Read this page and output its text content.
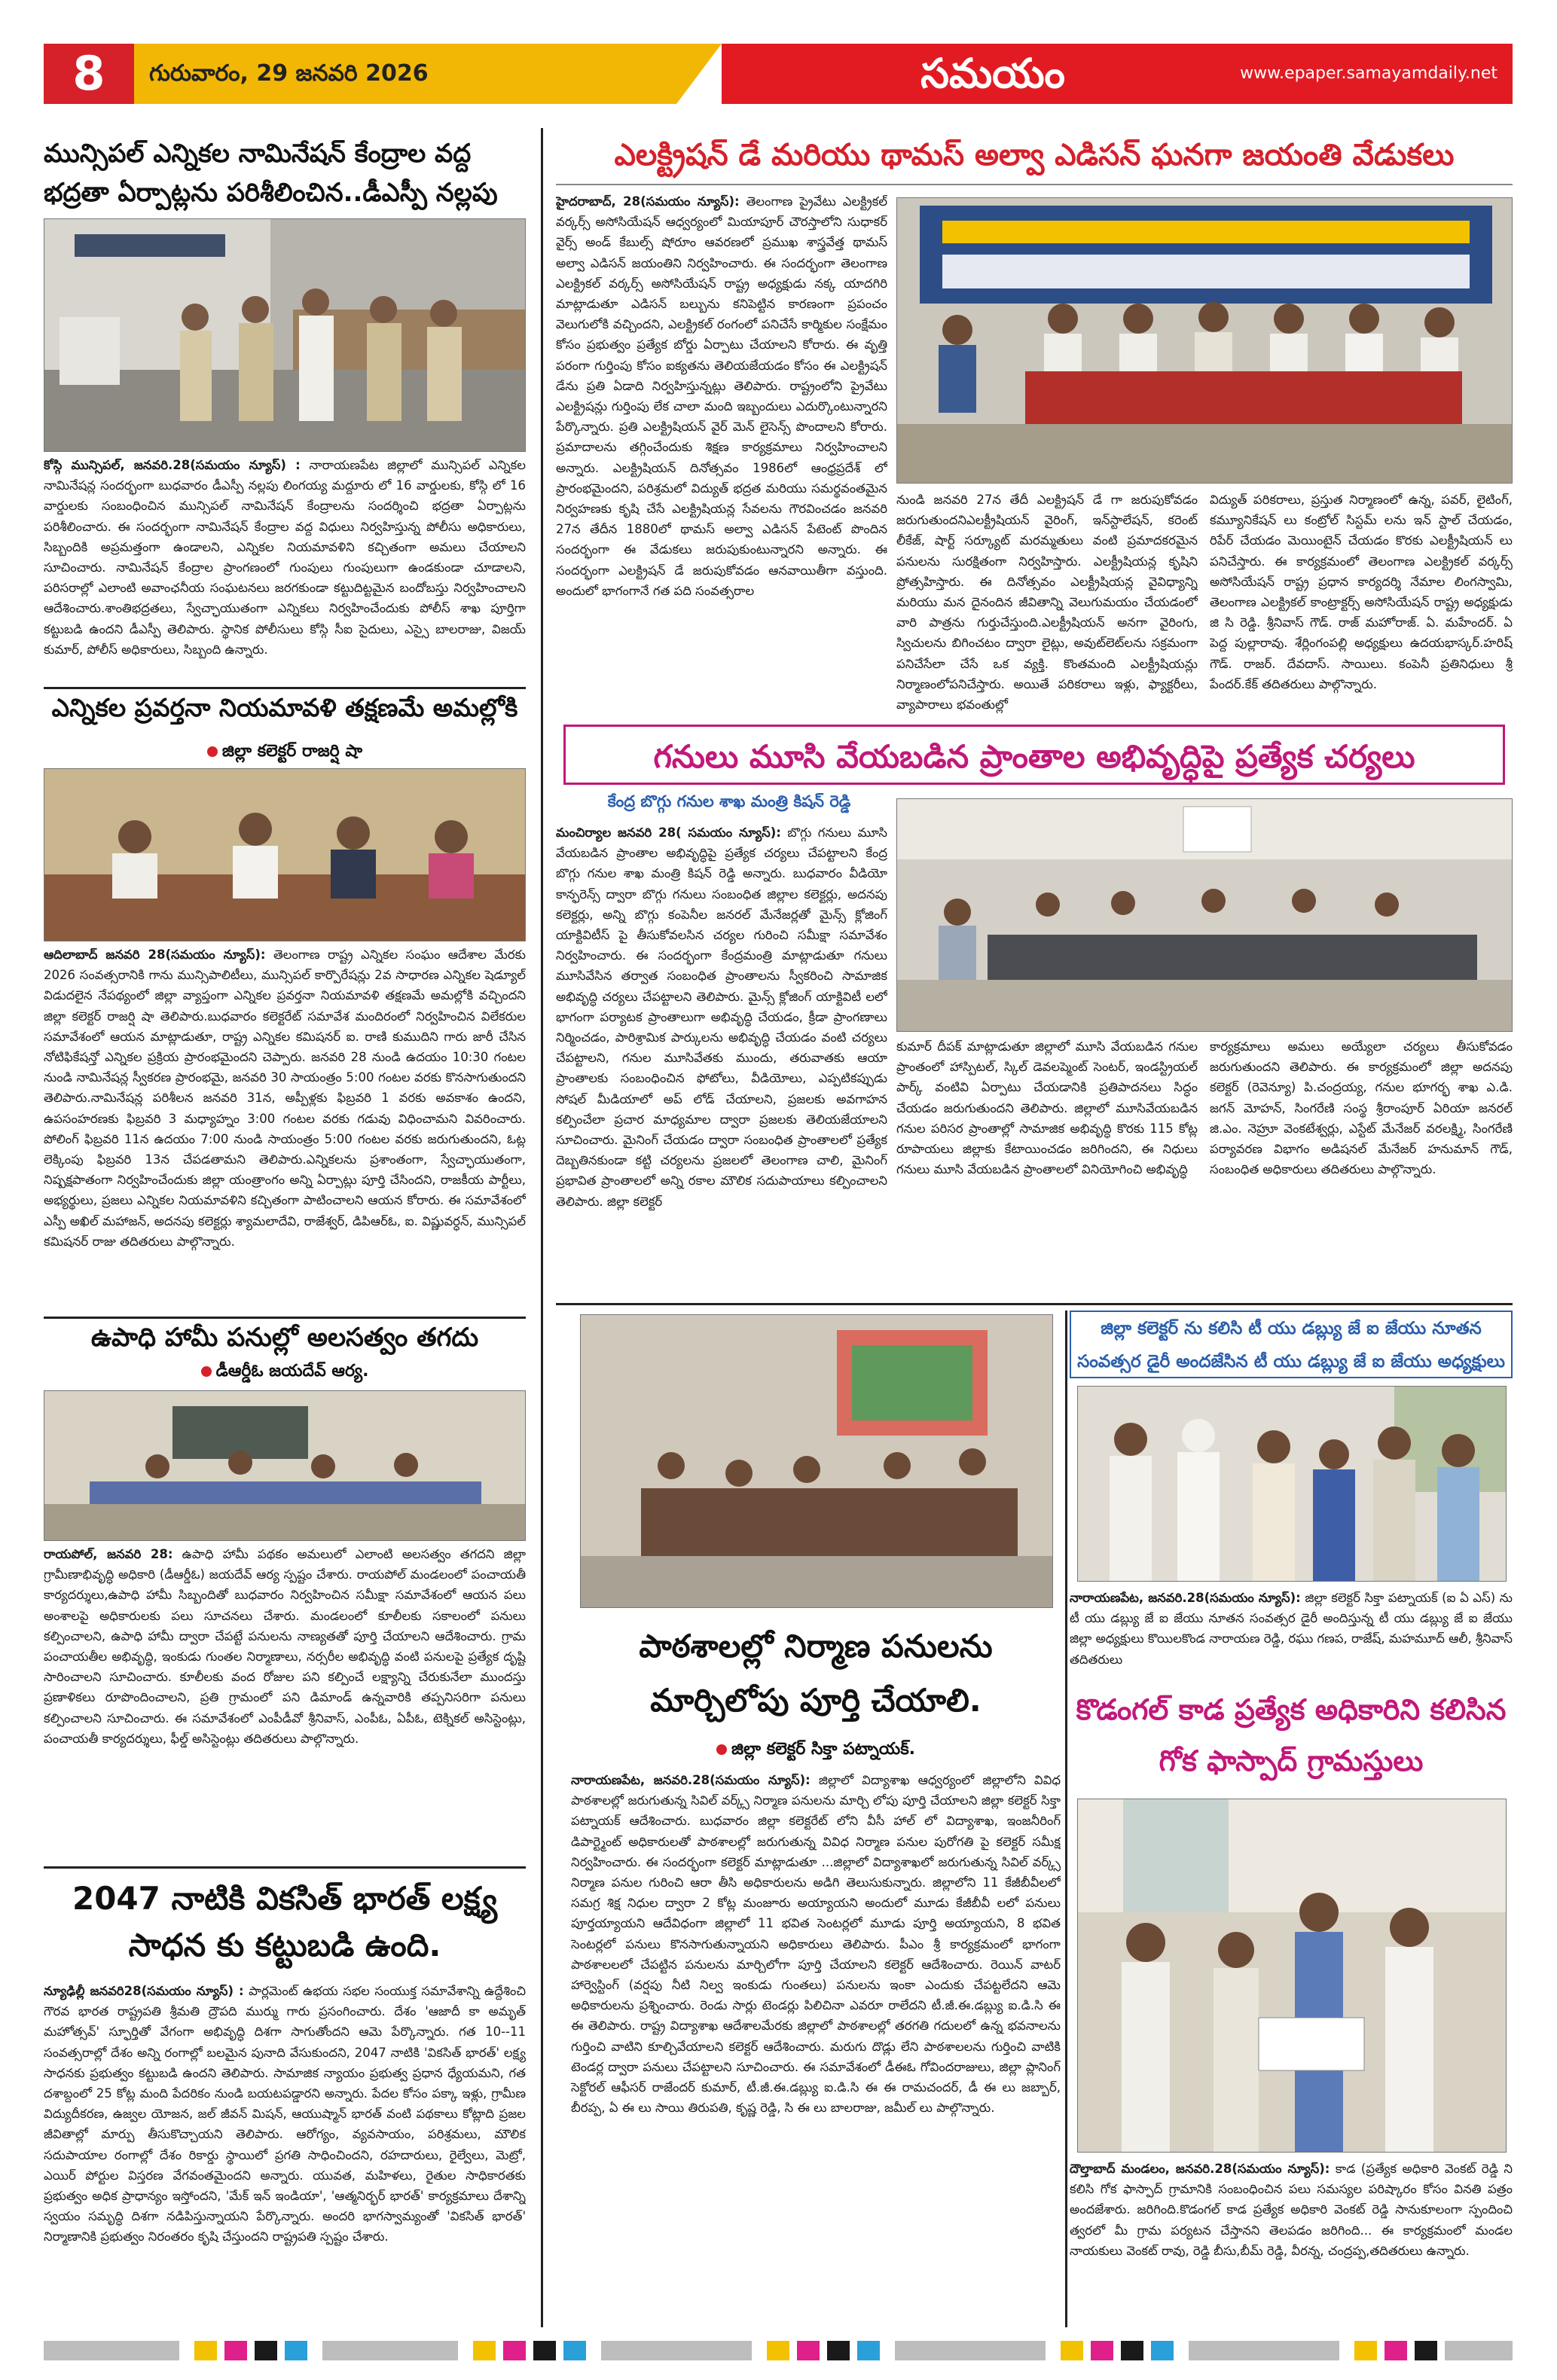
8	గురువారం, 29 జనవరి 2026	సమయం	www.epaper.samayamdaily.net
మున్సిపల్ ఎన్నికల నామినేషన్ కేంద్రాల వద్ద భద్రతా ఏర్పాట్లను పరిశీలించిన..డీఎస్పీ నల్లపు
కోస్గి మున్సిపల్, జనవరి.28(సమయం న్యూస్) : నారాయణపేట జిల్లాలో మున్సిపల్ ఎన్నికల నామినేషన్ల సందర్భంగా బుధవారం డీఎస్పీ నల్లపు లింగయ్య మద్దూరు లో 16 వార్డులకు, కోస్గి లో 16 వార్డులకు సంబంధించిన మున్సిపల్ నామినేషన్ కేంద్రాలను సందర్శించి భద్రతా ఏర్పాట్లను పరిశీలించారు. ఈ సందర్భంగా నామినేషన్ కేంద్రాల వద్ద విధులు నిర్వహిస్తున్న పోలీసు అధికారులు, సిబ్బందికి అప్రమత్తంగా ఉండాలని, ఎన్నికల నియమావళిని కచ్చితంగా అమలు చేయాలని సూచించారు. నామినేషన్ కేంద్రాల ప్రాంగణంలో గుంపులు గుంపులుగా ఉండకుండా చూడాలని, పరిసరాల్లో ఎలాంటి అవాంఛనీయ సంఘటనలు జరగకుండా కట్టుదిట్టమైన బందోబస్తు నిర్వహించాలని ఆదేశించారు.శాంతిభద్రతలు, స్వేచ్ఛాయుతంగా ఎన్నికలు నిర్వహించేందుకు పోలీస్ శాఖ పూర్తిగా కట్టుబడి ఉందని డీఎస్పీ తెలిపారు. స్థానిక పోలీసులు కోస్గి సీఐ సైదులు, ఎస్సై బాలరాజు, విజయ్ కుమార్, పోలీస్ అధికారులు, సిబ్బంది ఉన్నారు.
ఎన్నికల ప్రవర్తనా నియమావళి తక్షణమే అమల్లోకి
జిల్లా కలెక్టర్ రాజర్షి షా
ఆదిలాబాద్ జనవరి 28(సమయం న్యూస్): తెలంగాణ రాష్ట్ర ఎన్నికల సంఘం ఆదేశాల మేరకు 2026 సంవత్సరానికి గాను మున్సిపాలిటీలు, మున్సిపల్ కార్పొరేషన్లు 2వ సాధారణ ఎన్నికల షెడ్యూల్ విడుదలైన నేపథ్యంలో జిల్లా వ్యాప్తంగా ఎన్నికల ప్రవర్తనా నియమావళి తక్షణమే అమల్లోకి వచ్చిందని జిల్లా కలెక్టర్ రాజర్షి షా తెలిపారు.బుధవారం కలెక్టరేట్ సమావేశ మందిరంలో నిర్వహించిన విలేకరుల సమావేశంలో ఆయన మాట్లాడుతూ, రాష్ట్ర ఎన్నికల కమిషనర్ ఐ. రాణి కుముదిని గారు జారీ చేసిన నోటిఫికేషన్తో ఎన్నికల ప్రక్రియ ప్రారంభమైందని చెప్పారు. జనవరి 28 నుండి ఉదయం 10:30 గంటల నుండి నామినేషన్ల స్వీకరణ ప్రారంభమై, జనవరి 30 సాయంత్రం 5:00 గంటల వరకు కొనసాగుతుందని తెలిపారు.నామినేషన్ల పరిశీలన జనవరి 31న, అప్పీళ్లకు ఫిబ్రవరి 1 వరకు అవకాశం ఉందని, ఉపసంహరణకు ఫిబ్రవరి 3 మధ్యాహ్నం 3:00 గంటల వరకు గడువు విధించామని వివరించారు. పోలింగ్ ఫిబ్రవరి 11న ఉదయం 7:00 నుండి సాయంత్రం 5:00 గంటల వరకు జరుగుతుందని, ఓట్ల లెక్కింపు ఫిబ్రవరి 13న చేపడతామని తెలిపారు.ఎన్నికలను ప్రశాంతంగా, స్వేచ్ఛాయుతంగా, నిష్పక్షపాతంగా నిర్వహించేందుకు జిల్లా యంత్రాంగం అన్ని ఏర్పాట్లు పూర్తి చేసిందని, రాజకీయ పార్టీలు, అభ్యర్థులు, ప్రజలు ఎన్నికల నియమావళిని కచ్చితంగా పాటించాలని ఆయన కోరారు. ఈ సమావేశంలో ఎస్పీ అఖిల్ మహాజన్, అదనపు కలెక్టర్లు శ్యామలాదేవి, రాజేశ్వర్, డిపిఆర్ఓ, ఐ. విష్ణువర్ధన్, మున్సిపల్ కమిషనర్ రాజు తదితరులు పాల్గొన్నారు.
ఉపాధి హామీ పనుల్లో అలసత్వం తగదు
డీఆర్డీఓ జయదేవ్ ఆర్య.
రాయపోల్, జనవరి 28: ఉపాధి హామీ పథకం అమలులో ఎలాంటి అలసత్వం తగదని జిల్లా గ్రామీణాభివృద్ధి అధికారి (డీఆర్డీఓ) జయదేవ్ ఆర్య స్పష్టం చేశారు. రాయపోల్ మండలంలో పంచాయతీ కార్యదర్శులు,ఉపాధి హామీ సిబ్బందితో బుధవారం నిర్వహించిన సమీక్షా సమావేశంలో ఆయన పలు అంశాలపై అధికారులకు పలు సూచనలు చేశారు. మండలంలో కూలీలకు సకాలంలో పనులు కల్పించాలని, ఉపాధి హామీ ద్వారా చేపట్టే పనులను నాణ్యతతో పూర్తి చేయాలని ఆదేశించారు. గ్రామ పంచాయతీల అభివృద్ధి, ఇంకుడు గుంతల నిర్మాణాలు, నర్సరీల అభివృద్ధి వంటి పనులపై ప్రత్యేక దృష్టి సారించాలని సూచించారు. కూలీలకు వంద రోజుల పని కల్పించే లక్ష్యాన్ని చేరుకునేలా ముందస్తు ప్రణాళికలు రూపొందించాలని, ప్రతి గ్రామంలో పని డిమాండ్ ఉన్నవారికి తప్పనిసరిగా పనులు కల్పించాలని సూచించారు. ఈ సమావేశంలో ఎంపీడీవో శ్రీనివాస్, ఎంపీఓ, ఏపీఓ, టెక్నికల్ అసిస్టెంట్లు, పంచాయతీ కార్యదర్శులు, ఫీల్డ్ అసిస్టెంట్లు తదితరులు పాల్గొన్నారు.
2047 నాటికి వికసిత్ భారత్ లక్ష్య సాధన కు కట్టుబడి ఉంది.
న్యూఢిల్లీ జనవరి28(సమయం న్యూస్) : పార్లమెంట్ ఉభయ సభల సంయుక్త సమావేశాన్ని ఉద్దేశించి గౌరవ భారత రాష్ట్రపతి శ్రీమతి ద్రౌపది ముర్ము గారు ప్రసంగించారు. దేశం 'ఆజాదీ కా అమృత్ మహోత్సవ్' స్ఫూర్తితో వేగంగా అభివృద్ధి దిశగా సాగుతోందని ఆమె పేర్కొన్నారు. గత 10--11 సంవత్సరాల్లో దేశం అన్ని రంగాల్లో బలమైన పునాది వేసుకుందని, 2047 నాటికి 'వికసిత్ భారత్' లక్ష్య సాధనకు ప్రభుత్వం కట్టుబడి ఉందని తెలిపారు. సామాజిక న్యాయం ప్రభుత్వ ప్రధాన ధ్యేయమని, గత దశాబ్దంలో 25 కోట్ల మంది పేదరికం నుండి బయటపడ్డారని అన్నారు. పేదల కోసం పక్కా ఇళ్లు, గ్రామీణ విద్యుదీకరణ, ఉజ్వల యోజన, జల్ జీవన్ మిషన్, ఆయుష్మాన్ భారత్ వంటి పథకాలు కోట్లాది ప్రజల జీవితాల్లో మార్పు తీసుకొచ్చాయని తెలిపారు. ఆరోగ్యం, వ్యవసాయం, పరిశ్రమలు, మౌలిక సదుపాయాల రంగాల్లో దేశం రికార్డు స్థాయిలో ప్రగతి సాధించిందని, రహదారులు, రైల్వేలు, మెట్రో, ఎయిర్ పోర్టుల విస్తరణ వేగవంతమైందని అన్నారు. యువత, మహిళలు, రైతుల సాధికారతకు ప్రభుత్వం అధిక ప్రాధాన్యం ఇస్తోందని, 'మేక్ ఇన్ ఇండియా', 'ఆత్మనిర్భర్ భారత్' కార్యక్రమాలు దేశాన్ని స్వయం సమృద్ధి దిశగా నడిపిస్తున్నాయని పేర్కొన్నారు. అందరి భాగస్వామ్యంతో 'వికసిత్ భారత్' నిర్మాణానికి ప్రభుత్వం నిరంతరం కృషి చేస్తుందని రాష్ట్రపతి స్పష్టం చేశారు.
ఎలక్ట్రిషన్ డే మరియు థామస్ అల్వా ఎడిసన్ ఘనగా జయంతి వేడుకలు
హైదరాబాద్, 28(సమయం న్యూస్): తెలంగాణ ప్రైవేటు ఎలక్ట్రికల్ వర్కర్స్ అసోసియేషన్ ఆధ్వర్యంలో మియాపూర్ చౌరస్తాలోని సుధాకర్ వైర్స్ అండ్ కేబుల్స్ షోరూం ఆవరణలో ప్రముఖ శాస్త్రవేత్త థామస్ అల్వా ఎడిసన్ జయంతిని నిర్వహించారు. ఈ సందర్భంగా తెలంగాణ ఎలక్ట్రికల్ వర్కర్స్ అసోసియేషన్ రాష్ట్ర అధ్యక్షుడు నక్క యాదగిరి మాట్లాడుతూ ఎడిసన్ బల్బును కనిపెట్టిన కారణంగా ప్రపంచం వెలుగులోకి వచ్చిందని, ఎలక్ట్రికల్ రంగంలో పనిచేసే కార్మికుల సంక్షేమం కోసం ప్రభుత్వం ప్రత్యేక బోర్డు ఏర్పాటు చేయాలని కోరారు. ఈ వృత్తి పరంగా గుర్తింపు కోసం ఐక్యతను తెలియజేయడం కోసం ఈ ఎలక్ట్రిషన్ డేను ప్రతి ఏడాది నిర్వహిస్తున్నట్లు తెలిపారు. రాష్ట్రంలోని ప్రైవేటు ఎలక్ట్రిషన్లు గుర్తింపు లేక చాలా మంది ఇబ్బందులు ఎదుర్కొంటున్నారని పేర్కొన్నారు. ప్రతి ఎలక్ట్రిషియన్ వైర్ మెన్ లైసెన్స్ పొందాలని కోరారు. ప్రమాదాలను తగ్గించేందుకు శిక్షణ కార్యక్రమాలు నిర్వహించాలని అన్నారు. ఎలక్ట్రిషియన్ దినోత్సవం 1986లో ఆంధ్రప్రదేశ్ లో ప్రారంభమైందని, పరిశ్రమలో విద్యుత్ భద్రత మరియు సమర్థవంతమైన నిర్వహణకు కృషి చేసే ఎలక్ట్రిషియన్ల సేవలను గౌరవించడం జనవరి 27న తేదీన 1880లో థామస్ అల్వా ఎడిసన్ పేటెంట్ పొందిన సందర్భంగా ఈ వేడుకలు జరుపుకుంటున్నారని అన్నారు. ఈ సందర్భంగా ఎలక్ట్రిషన్ డే జరుపుకోవడం ఆనవాయితీగా వస్తుంది. అందులో భాగంగానే గత పది సంవత్సరాల
నుండి జనవరి 27న తేదీ ఎలక్ట్రిషన్ డే గా జరుపుకోవడం జరుగుతుందనిఎలక్ట్రీషియన్ వైరింగ్, ఇన్‌స్టాలేషన్, కరెంట్ లీకేజ్, షార్ట్ సర్క్యూట్ మరమ్మతులు వంటి ప్రమాదకరమైన పనులను సురక్షితంగా నిర్వహిస్తారు. ఎలక్ట్రీషియన్ల కృషిని ప్రోత్సహిస్తారు. ఈ దినోత్సవం ఎలక్ట్రీషియన్ల వైవిధ్యాన్ని మరియు మన దైనందిన జీవితాన్ని వెలుగుమయం చేయడంలో వారి పాత్రను గుర్తుచేస్తుంది.ఎలక్ట్రీషియన్ అనగా వైరింగు, స్విచులను బిగించటం ద్వారా లైట్లు, అవుట్‌లెట్‌లను సక్రమంగా పనిచేసేలా చేసే ఒక వ్యక్తి. కొంతమంది ఎలక్ట్రీషియన్లు నిర్మాణంలోపనిచేస్తారు. అయితే పరికరాలు ఇళ్లు, ఫ్యాక్టరీలు, వ్యాపారాలు భవంతుల్లో
విద్యుత్ పరికరాలు, ప్రస్తుత నిర్మాణంలో ఉన్న, పవర్, లైటింగ్, కమ్యూనికేషన్ లు కంట్రోల్ సిస్టమ్ లను ఇన్ స్టాల్ చేయడం, రిపేర్ చేయడం మెయింటైన్ చేయడం కొరకు ఎలక్ట్రీషియన్ లు పనిచేస్తారు. ఈ కార్యక్రమంలో తెలంగాణ ఎలక్ట్రికల్ వర్కర్స్ అసోసియేషన్ రాష్ట్ర ప్రధాన కార్యదర్శి నేమాల లింగస్వామి, తెలంగాణ ఎలక్ట్రికల్ కాంట్రాక్టర్స్ అసోసియేషన్ రాష్ట్ర అధ్యక్షుడు జి సి రెడ్డి. శ్రీనివాస్ గౌడ్. రాజ్ మహోరాజ్. ఏ. మహేందర్. ఏ పెద్ద పుల్లారావు. శేర్లింగంపల్లి అధ్యక్షులు ఉదయభాస్కర్.హరిష్ గౌడ్. రాజర్. దేవదాస్. సాయిలు. కంపెనీ ప్రతినిధులు శ్రీ పేందర్.కేక్ తదితరులు పాల్గొన్నారు.
గనులు మూసి వేయబడిన ప్రాంతాల అభివృద్ధిపై ప్రత్యేక చర్యలు
కేంద్ర బొగ్గు గనుల శాఖ మంత్రి కిషన్ రెడ్డి
మంచిర్యాల జనవరి 28( సమయం న్యూస్): బొగ్గు గనులు మూసి వేయబడిన ప్రాంతాల అభివృద్ధిపై ప్రత్యేక చర్యలు చేపట్టాలని కేంద్ర బొగ్గు గనుల శాఖ మంత్రి కిషన్ రెడ్డి అన్నారు. బుధవారం వీడియో కాన్ఫరెన్స్ ద్వారా బొగ్గు గనులు సంబంధిత జిల్లాల కలెక్టర్లు, అదనపు కలెక్టర్లు, అన్ని బొగ్గు కంపెనీల జనరల్ మేనేజర్లతో మైన్స్ క్లోజింగ్ యాక్టివిటీస్ పై తీసుకోవలసిన చర్యల గురించి సమీక్షా సమావేశం నిర్వహించారు. ఈ సందర్భంగా కేంద్రమంత్రి మాట్లాడుతూ గనులు మూసివేసిన తర్వాత సంబంధిత ప్రాంతాలను స్వీకరించి సామాజిక అభివృద్ధి చర్యలు చేపట్టాలని తెలిపారు. మైన్స్ క్లోజింగ్ యాక్టివిటీ లలో భాగంగా పర్యాటక ప్రాంతాలుగా అభివృద్ధి చేయడం, క్రీడా ప్రాంగణాలు నిర్మించడం, పారిశ్రామిక పార్కులను అభివృద్ధి చేయడం వంటి చర్యలు చేపట్టాలని, గనుల మూసివేతకు ముందు, తరువాతకు ఆయా ప్రాంతాలకు సంబంధించిన ఫోటోలు, వీడియోలు, ఎప్పటికప్పుడు సోషల్ మీడియాలో అప్ లోడ్ చేయాలని, ప్రజలకు అవగాహన కల్పించేలా ప్రచార మాధ్యమాల ద్వారా ప్రజలకు తెలియజేయాలని సూచించారు. మైనింగ్ చేయడం ద్వారా సంబంధిత ప్రాంతాలలో ప్రత్యేక దెబ్బతినకుండా కట్టి చర్యలను ప్రజలలో తెలంగాణ చాలి, మైనింగ్ ప్రభావిత ప్రాంతాలలో అన్ని రకాల మౌలిక సదుపాయాలు కల్పించాలని తెలిపారు. జిల్లా కలెక్టర్
కుమార్ దీపక్ మాట్లాడుతూ జిల్లాలో మూసి వేయబడిన గనుల ప్రాంతంలో హాస్పిటల్, స్కిల్ డెవలప్మెంట్ సెంటర్, ఇండస్ట్రియల్ పార్క్ వంటివి ఏర్పాటు చేయడానికి ప్రతిపాదనలు సిద్ధం చేయడం జరుగుతుందని తెలిపారు. జిల్లాలో మూసివేయబడిన గనుల పరిసర ప్రాంతాల్లో సామాజిక అభివృద్ధి కొరకు 115 కోట్ల రూపాయలు జిల్లాకు కేటాయించడం జరిగిందని, ఈ నిధులు గనులు మూసి వేయబడిన ప్రాంతాలలో వినియోగించి అభివృద్ధి
కార్యక్రమాలు అమలు అయ్యేలా చర్యలు తీసుకోవడం జరుగుతుందని తెలిపారు. ఈ కార్యక్రమంలో జిల్లా అదనపు కలెక్టర్ (రెవెన్యూ) పి.చంద్రయ్య, గనుల భూగర్భ శాఖ ఎ.డి. జగన్ మోహన్, సింగరేణి సంస్థ శ్రీరాంపూర్ ఏరియా జనరల్ జి.ఎం. నెహ్రూ వెంకటేశ్వర్లు, ఎస్టేట్ మేనేజర్ వరలక్ష్మి, సింగరేణి పర్యావరణ విభాగం అడిషనల్ మేనేజర్ హనుమాన్ గౌడ్, సంబంధిత అధికారులు తదితరులు పాల్గొన్నారు.
పాఠశాలల్లో నిర్మాణ పనులను మార్చిలోపు పూర్తి చేయాలి.
జిల్లా కలెక్టర్ సిక్తా పట్నాయక్.
నారాయణపేట, జనవరి.28(సమయం న్యూస్): జిల్లాలో విద్యాశాఖ ఆధ్వర్యంలో జిల్లాలోని వివిధ పాఠశాలల్లో జరుగుతున్న సివిల్ వర్క్స్ నిర్మాణ పనులను మార్చి లోపు పూర్తి చేయాలని జిల్లా కలెక్టర్ సిక్తా పట్నాయక్ ఆదేశించారు. బుధవారం జిల్లా కలెక్టరేట్ లోని వీసీ హాల్ లో విద్యాశాఖ, ఇంజనీరింగ్ డిపార్ట్మెంట్ అధికారులతో పాఠశాలల్లో జరుగుతున్న వివిధ నిర్మాణ పనుల పురోగతి పై కలెక్టర్ సమీక్ష నిర్వహించారు. ఈ సందర్భంగా కలెక్టర్ మాట్లాడుతూ ...జిల్లాలో విద్యాశాఖలో జరుగుతున్న సివిల్ వర్క్స్ నిర్మాణ పనుల గురించి ఆరా తీసి అధికారులను అడిగి తెలుసుకున్నారు. జిల్లాలోని 11 కేజీబీవీలలో సమగ్ర శిక్ష నిధుల ద్వారా 2 కోట్ల మంజూరు అయ్యాయని అందులో మూడు కేజీబీవీ లలో పనులు పూర్తయ్యాయని ఆదేవిధంగా జిల్లాలో 11 భవిత సెంటర్లలో మూడు పూర్తి అయ్యాయని, 8 భవిత సెంటర్లలో పనులు కొనసాగుతున్నాయని అధికారులు తెలిపారు. పీఎం శ్రీ కార్యక్రమంలో భాగంగా పాఠశాలలలో చేపట్టిన పనులను మార్చిలోగా పూర్తి చేయాలని కలెక్టర్ ఆదేశించారు. రెయిన్ వాటర్ హార్వెస్టింగ్ (వర్షపు నీటి నిల్వ ఇంకుడు గుంతలు) పనులను ఇంకా ఎందుకు చేపట్టలేదని ఆమె అధికారులను ప్రశ్నించారు. రెండు సార్లు టెండర్లు పిలిచినా ఎవరూ రాలేదని టీ.జీ.ఈ.డబ్ల్యు ఐ.డి.సి ఈ ఈ తెలిపారు. రాష్ట్ర విద్యాశాఖ ఆదేశాలమేరకు జిల్లాలో పాఠశాలల్లో తరగతి గదులలో ఉన్న భవనాలను గుర్తించి వాటిని కూల్చివేయాలని కలెక్టర్ ఆదేశించారు. మరుగు దొడ్లు లేని పాఠశాలలను గుర్తించి వాటికి టెండర్ల ద్వారా పనులు చేపట్టాలని సూచించారు. ఈ సమావేశంలో డీఈఓ గోవిందరాజులు, జిల్లా ప్లానింగ్ సెక్టోరల్ ఆఫీసర్ రాజేందర్ కుమార్, టీ.జీ.ఈ.డబ్ల్యు ఐ.డి.సి ఈ ఈ రామచందర్, డీ ఈ లు జబ్బార్, బీరప్ప, ఏ ఈ లు సాయి తిరుపతి, కృష్ణ రెడ్డి, సి ఈ లు బాలరాజు, జమీల్ లు పాల్గొన్నారు.
జిల్లా కలెక్టర్ ను కలిసి టీ యు డబ్ల్యు జే ఐ జేయు నూతన సంవత్సర డైరీ అందజేసిన టీ యు డబ్ల్యు జే ఐ జేయు అధ్యక్షులు
నారాయణపేట, జనవరి.28(సమయం న్యూస్): జిల్లా కలెక్టర్ సిక్తా పట్నాయక్ (ఐ ఏ ఎస్) ను టీ యు డబ్ల్యు జే ఐ జేయు నూతన సంవత్సర డైరీ అందిస్తున్న టీ యు డబ్ల్యు జే ఐ జేయు జిల్లా అధ్యక్షులు కొయిలకొండ నారాయణ రెడ్డి, రఘు గణప, రాజేష్, మహమూద్ ఆలీ, శ్రీనివాస్ తదితరులు
కొడంగల్ కాడ ప్రత్యేక అధికారిని కలిసిన గోక ఫాస్పాద్ గ్రామస్తులు
దౌల్తాబాద్ మండలం, జనవరి.28(సమయం న్యూస్): కాడ (ప్రత్యేక అధికారి వెంకట్ రెడ్డి ని కలిసి గోక ఫాస్పాద్ గ్రామానికి సంబంధించిన పలు సమస్యల పరిష్కారం కోసం వినతి పత్రం అందజేశారు. జరిగింది.కొడంగల్ కాడ ప్రత్యేక అధికారి వెంకట్ రెడ్డి సానుకూలంగా స్పందించి త్వరలో మీ గ్రామ పర్యటన చేస్తానని తెలపడం జరిగింది... ఈ కార్యక్రమంలో మండల నాయకులు వెంకట్ రావు, రెడ్డి బీసు,బీమ్ రెడ్డి, వీరన్న, చంద్రప్ప,తదితరులు ఉన్నారు.
